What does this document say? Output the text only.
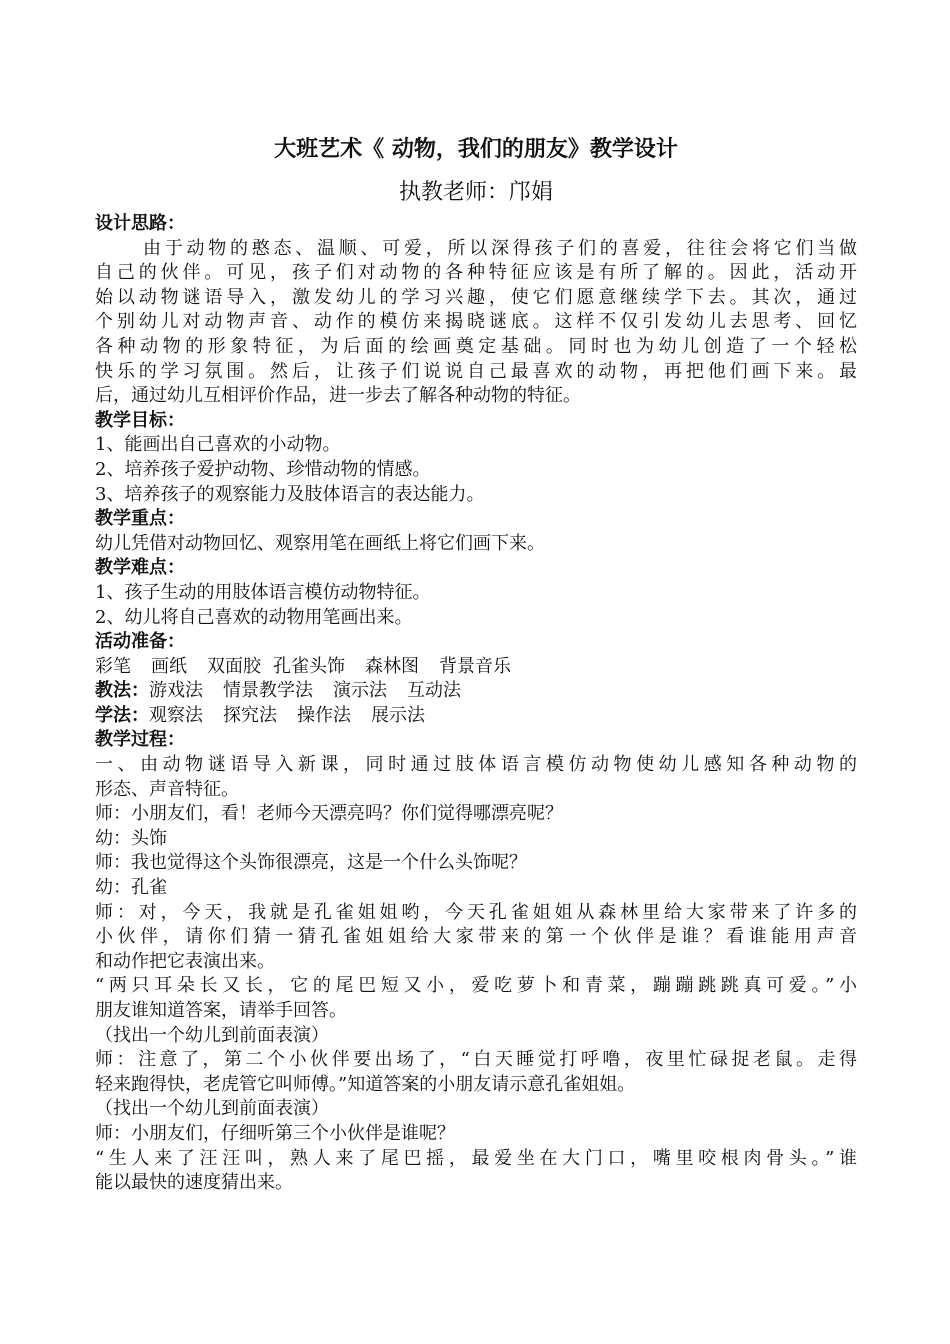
大班艺术《 动物，我们的朋友》教学设计
执教老师：邝娟
设计思路：
由于动物的憨态、温顺、可爱，所以深得孩子们的喜爱，往往会将它们当做
自己的伙伴。可见，孩子们对动物的各种特征应该是有所了解的。因此，活动开
始以动物谜语导入，激发幼儿的学习兴趣，使它们愿意继续学下去。其次，通过
个别幼儿对动物声音、动作的模仿来揭晓谜底。这样不仅引发幼儿去思考、回忆
各种动物的形象特征，为后面的绘画奠定基础。同时也为幼儿创造了一个轻松
快乐的学习氛围。然后，让孩子们说说自己最喜欢的动物，再把他们画下来。最
后，通过幼儿互相评价作品，进一步去了解各种动物的特征。
教学目标：
1、能画出自己喜欢的小动物。
2、培养孩子爱护动物、珍惜动物的情感。
3、培养孩子的观察能力及肢体语言的表达能力。
教学重点：
幼儿凭借对动物回忆、观察用笔在画纸上将它们画下来。
教学难点：
1、孩子生动的用肢体语言模仿动物特征。
2、幼儿将自己喜欢的动物用笔画出来。
活动准备：
彩笔 画纸 双面胶 孔雀头饰 森林图 背景音乐
教法：游戏法 情景教学法 演示法 互动法
学法：观察法 探究法 操作法 展示法
教学过程：
一、由动物谜语导入新课，同时通过肢体语言模仿动物使幼儿感知各种动物的
形态、声音特征。
师：小朋友们，看！老师今天漂亮吗？你们觉得哪漂亮呢？
幼：头饰
师：我也觉得这个头饰很漂亮，这是一个什么头饰呢？
幼：孔雀
师：对，今天，我就是孔雀姐姐哟，今天孔雀姐姐从森林里给大家带来了许多的
小伙伴，请你们猜一猜孔雀姐姐给大家带来的第一个伙伴是谁？看谁能用声音
和动作把它表演出来。
“两只耳朵长又长，它的尾巴短又小，爱吃萝卜和青菜，蹦蹦跳跳真可爱。”小
朋友谁知道答案，请举手回答。
（找出一个幼儿到前面表演）
师：注意了，第二个小伙伴要出场了，“白天睡觉打呼噜，夜里忙碌捉老鼠。走得
轻来跑得快，老虎管它叫师傅。”知道答案的小朋友请示意孔雀姐姐。
（找出一个幼儿到前面表演）
师：小朋友们，仔细听第三个小伙伴是谁呢？
“生人来了汪汪叫，熟人来了尾巴摇，最爱坐在大门口，嘴里咬根肉骨头。”谁
能以最快的速度猜出来。
